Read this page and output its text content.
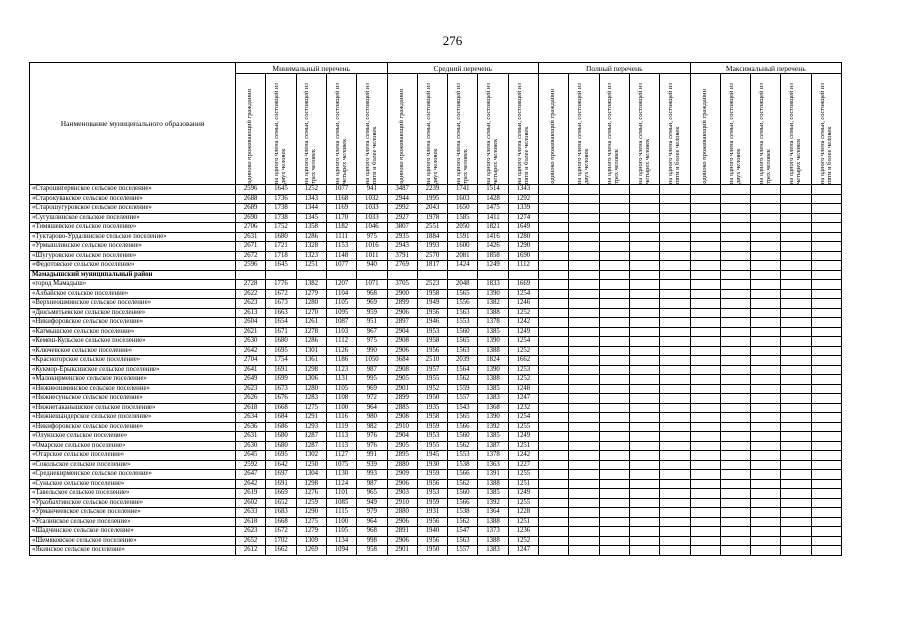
276
Наименование муниципального образования	Минимальный перечень					Средний перечень					Полный перечень					Максимальный перечень				

	одиноко проживающий гражданин	на одного члена семьи, состоящей из двух человек	на одного члена семьи, состоящей из трех человек	на одного члена семьи, состоящей из четырех человек	на одного члена семьи, состоящей из пяти и более человек	одиноко проживающий гражданин	на одного члена семьи, состоящей из двух человек	на одного члена семьи, состоящей из трех человек	на одного члена семьи, состоящей из четырех человек	на одного члена семьи, состоящей из пяти и более человек	одиноко проживающий гражданин	на одного члена семьи, состоящей из двух человек	на одного члена семьи, состоящей из трех человек	на одного члена семьи, состоящей из четырех человек	на одного члена семьи, состоящей из пяти и более человек	одиноко проживающий гражданин	на одного члена семьи, состоящей из двух человек	на одного члена семьи, состоящей из трех человек	на одного члена семьи, состоящей из четырех человек	на одного члена семьи, состоящей из пяти и более человек

«Старошигерянское сельское поселение»	2596	1645	1252	1077	941	3487	2239	1741	1514	1343										
«Старокувакское сельское поселение»	2688	1736	1343	1168	1032	2944	1995	1603	1428	1292										
«Старошугуровское сельское поселение»	2689	1738	1344	1169	1033	2992	2043	1650	1475	1339										
«Сугушлинское сельское поселение»	2690	1738	1345	1170	1033	2927	1978	1585	1411	1274										
«Тимяшевское сельское поселение»	2706	1752	1358	1182	1046	3807	2551	2050	1821	1649										
«Туктарово-Урдалинское сельское поселение»	2631	1680	1286	1111	975	2935	1884	1591	1416	1280										
«Урмышлинское сельское поселение»	2671	1721	1328	1153	1016	2943	1993	1600	1426	1290										
«Шугуровское сельское поселение»	2672	1718	1323	1148	1011	3791	2570	2081	1858	1690										
«Федотовское сельское поселение»	2596	1645	1251	1077	940	2769	1817	1424	1249	1112										
Мамадышский муниципальный район																				
«город Мамадыш»	2728	1776	1382	1207	1071	3705	2523	2048	1833	1669										
«Албайское сельское поселение»	2622	1672	1279	1104	968	2900	1958	1565	1390	1254										
«Верхнеошминское сельское поселение»	2623	1673	1280	1105	969	2899	1949	1556	1382	1246										
«Дюсьметьевское сельское поселение»	2613	1663	1270	1095	959	2906	1956	1563	1388	1252										
«Никифоровское сельское поселение»	2604	1654	1261	1087	951	2897	1946	1553	1378	1242										
«Катмышское сельское поселение»	2621	1671	1278	1103	967	2904	1953	1560	1385	1249										
«Кемеш-Кульское сельское поселение»	2630	1680	1286	1112	975	2908	1958	1565	1390	1254										
«Ключевское сельское поселение»	2642	1695	1301	1126	990	2906	1956	1563	1388	1252										
«Красногорское сельское поселение»	2704	1754	1361	1186	1050	3684	2510	2039	1824	1662										
«Кукмор-Ерыксинское сельское поселение»	2641	1691	1298	1123	987	2908	1957	1564	1390	1253										
«Малокирменское сельское поселение»	2649	1699	1306	1131	995	2905	1955	1562	1388	1252										
«Нижнеошминское сельское поселение»	2623	1673	1280	1105	969	2901	1952	1559	1385	1248										
«Нижнесуньское сельское поселение»	2626	1676	1283	1108	972	2899	1950	1557	1383	1247										
«Нижнетаканышское сельское поселение»	2618	1668	1275	1100	964	2885	1935	1543	1368	1232										
«Нижнешандерское сельское поселение»	2634	1684	1291	1116	980	2908	1958	1565	1390	1254										
«Никифоровское сельское поселение»	2636	1686	1293	1119	982	2910	1959	1566	1392	1255										
«Олуязское сельское поселение»	2631	1680	1287	1113	976	2904	1953	1560	1385	1249										
«Омарское сельское поселение»	2630	1680	1287	1113	976	2905	1955	1562	1387	1251										
«Отарское сельское поселение»	2645	1695	1302	1127	991	2895	1945	1553	1378	1242										
«Сокольское сельское поселение»	2592	1642	1250	1075	939	2880	1930	1538	1363	1227										
«Среднекирменское сельское поселение»	2647	1697	1304	1130	993	2909	1959	1566	1391	1255										
«Суньское сельское поселение»	2642	1691	1298	1124	987	2906	1956	1562	1388	1251										
«Тавельское сельское поселение»	2619	1669	1276	1101	965	2903	1953	1560	1385	1249										
«Уразбахтинское сельское поселение»	2602	1652	1259	1085	949	2910	1959	1566	1392	1255										
«Урманчеевское сельское поселение»	2633	1683	1290	1115	979	2880	1931	1538	1364	1228										
«Усалинское сельское поселение»	2618	1668	1275	1100	964	2906	1956	1562	1388	1251										
«Шадчинское сельское поселение»	2623	1672	1279	1105	968	2891	1940	1547	1373	1236										
«Шемяковское сельское поселение»	2652	1702	1309	1134	998	2906	1956	1563	1388	1252										
«Якинское сельское поселение»	2612	1662	1269	1094	958	2901	1950	1557	1383	1247										
